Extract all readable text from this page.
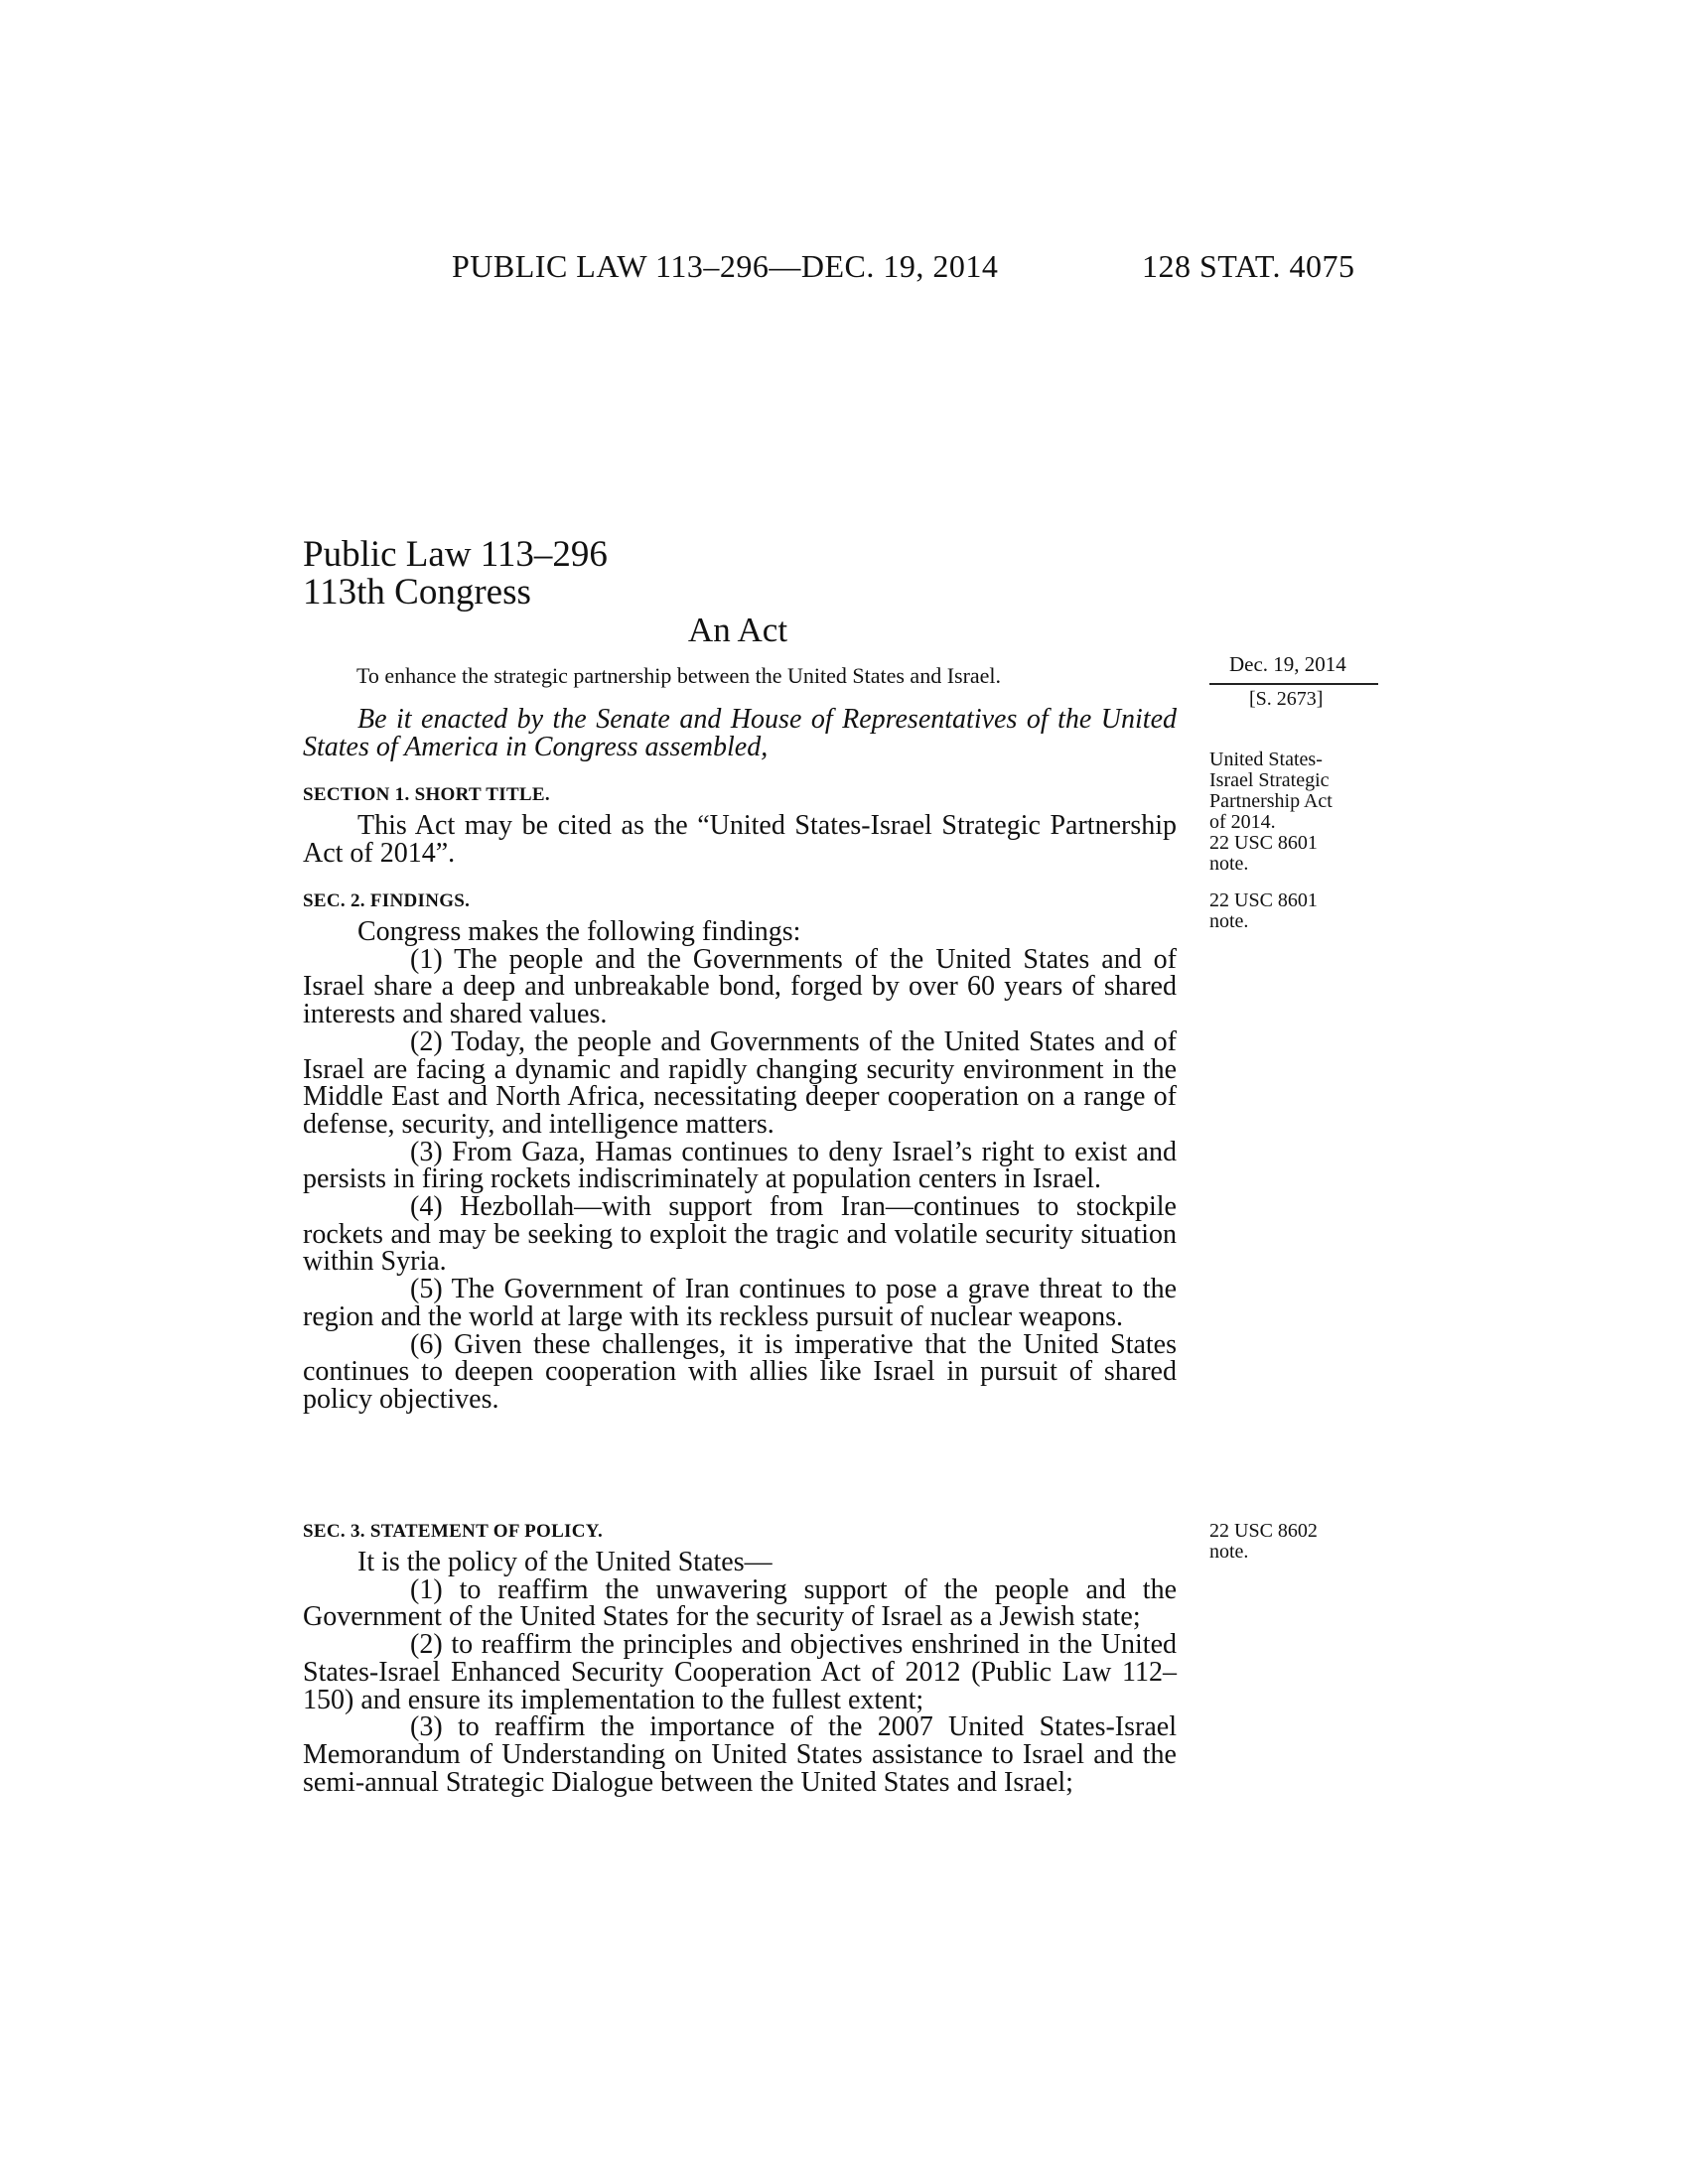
PUBLIC LAW 113–296—DEC. 19, 2014	128 STAT. 4075
Public Law 113–296
113th Congress
An Act
To enhance the strategic partnership between the United States and Israel.	Dec. 19, 2014
[S. 2673]
United States-
Israel Strategic
Partnership Act
of 2014.
22 USC 8601
note.
22 USC 8601
note.
22 USC 8602
note.
Be it enacted by the Senate and House of Representatives of the United States of America in Congress assembled,
SECTION 1. SHORT TITLE.
This Act may be cited as the “United States-Israel Strategic Partnership Act of 2014”.
SEC. 2. FINDINGS.
Congress makes the following findings:
(1) The people and the Governments of the United States and of Israel share a deep and unbreakable bond, forged by over 60 years of shared interests and shared values.
(2) Today, the people and Governments of the United States and of Israel are facing a dynamic and rapidly changing security environment in the Middle East and North Africa, necessitating deeper cooperation on a range of defense, security, and intelligence matters.
(3) From Gaza, Hamas continues to deny Israel’s right to exist and persists in firing rockets indiscriminately at population centers in Israel.
(4) Hezbollah—with support from Iran—continues to stockpile rockets and may be seeking to exploit the tragic and volatile security situation within Syria.
(5) The Government of Iran continues to pose a grave threat to the region and the world at large with its reckless pursuit of nuclear weapons.
(6) Given these challenges, it is imperative that the United States continues to deepen cooperation with allies like Israel in pursuit of shared policy objectives.
SEC. 3. STATEMENT OF POLICY.
It is the policy of the United States—
(1) to reaffirm the unwavering support of the people and the Government of the United States for the security of Israel as a Jewish state;
(2) to reaffirm the principles and objectives enshrined in the United States-Israel Enhanced Security Cooperation Act of 2012 (Public Law 112–150) and ensure its implementation to the fullest extent;
(3) to reaffirm the importance of the 2007 United States-Israel Memorandum of Understanding on United States assistance to Israel and the semi-annual Strategic Dialogue between the United States and Israel;
